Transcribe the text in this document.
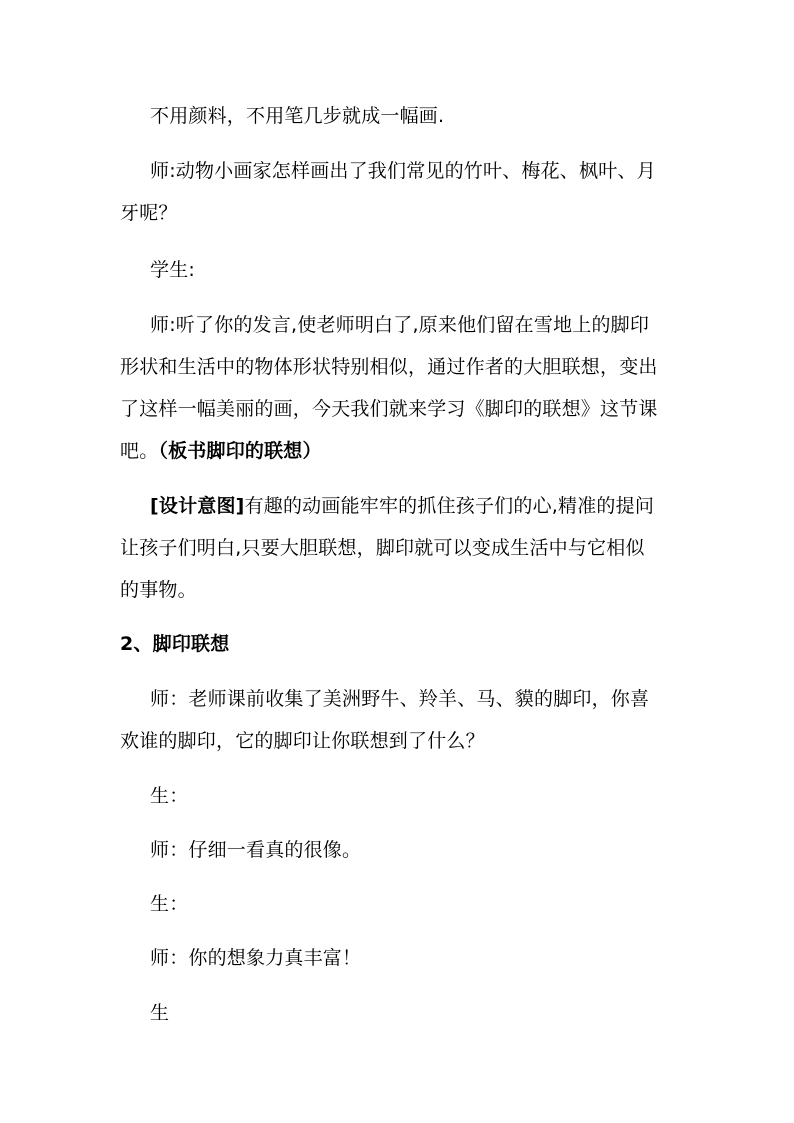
不用颜料，不用笔几步就成一幅画.
师:动物小画家怎样画出了我们常见的竹叶、梅花、枫叶、月
牙呢？
学生:
师:听了你的发言,使老师明白了,原来他们留在雪地上的脚印
形状和生活中的物体形状特别相似，通过作者的大胆联想，变出
了这样一幅美丽的画，今天我们就来学习《脚印的联想》这节课
吧。（板书脚印的联想）
[设计意图]有趣的动画能牢牢的抓住孩子们的心,精准的提问
让孩子们明白,只要大胆联想，脚印就可以变成生活中与它相似
的事物。
2、脚印联想
师：老师课前收集了美洲野牛、羚羊、马、貘的脚印，你喜
欢谁的脚印，它的脚印让你联想到了什么？
生：
师：仔细一看真的很像。
生：
师：你的想象力真丰富！
生
